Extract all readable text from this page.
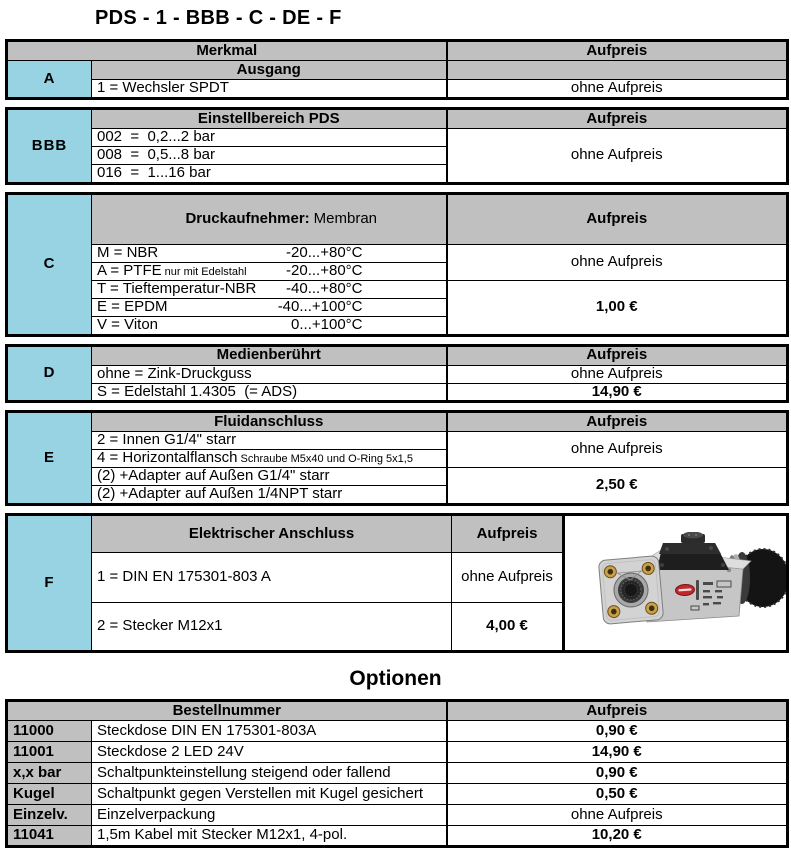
PDS - 1 - BBB - C - DE - F
Merkmal		Aufpreis
A	Ausgang	
	1 = Wechsler SPDT	ohne Aufpreis
BBB	Einstellbereich PDS	Aufpreis
	002  =  0,2...2 bar	ohne Aufpreis
	008  =  0,5...8 bar	
	016  =  1...16 bar	
C	Druckaufnehmer: Membran	Aufpreis

	M = NBR -20...+80°C	ohne Aufpreis

	A = PTFE nur mit Edelstahl -20...+80°C	

	T = Tieftemperatur-NBR -40...+80°C	1,00 €

	E = EPDM -40...+100°C	

	V = Viton 0...+100°C	
D	Medienberührt	Aufpreis
	ohne = Zink-Druckguss	ohne Aufpreis
	S = Edelstahl 1.4305  (= ADS)	14,90 €
E	Fluidanschluss	Aufpreis
	2 = Innen G1/4" starr	ohne Aufpreis
	4 = Horizontalflansch Schraube M5x40 und O-Ring 5x1,5	
	(2) +Adapter auf Außen G1/4" starr	2,50 €
	(2) +Adapter auf Außen 1/4NPT starr	
F	Elektrischer Anschluss	Aufpreis	

	1 = DIN EN 175301-803 A	ohne Aufpreis	
	2 = Stecker M12x1	4,00 €	
Optionen
Bestellnummer		Aufpreis
11000	Steckdose DIN EN 175301-803A	0,90 €
11001	Steckdose 2 LED 24V	14,90 €
x,x bar	Schaltpunkteinstellung steigend oder fallend	0,90 €
Kugel	Schaltpunkt gegen Verstellen mit Kugel gesichert	0,50 €
Einzelv.	Einzelverpackung	ohne Aufpreis
11041	1,5m Kabel mit Stecker M12x1, 4-pol.	10,20 €
